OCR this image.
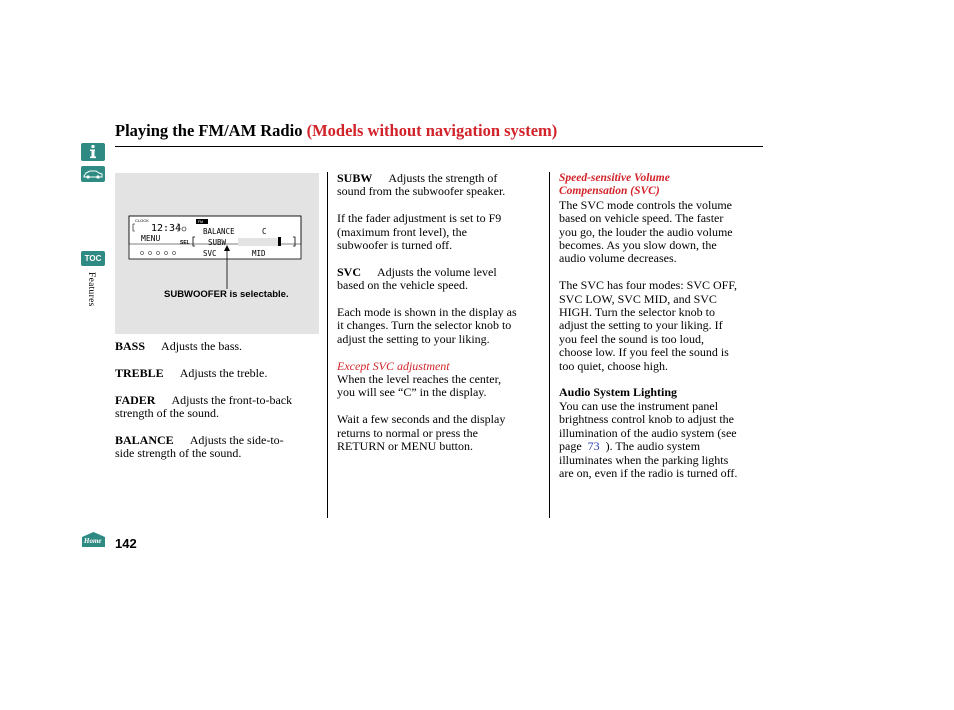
Playing the FM/AM Radio (Models without navigation system)
TOC
Features
Home
CLOCK
12:34
MENU
FM
SEL
BALANCE	C
SUBW
SVC	MID
SUBWOOFER is selectable.

BASS Adjusts the bass.

TREBLE Adjusts the treble.

FADER Adjusts the front-to-back

strength of the sound.

BALANCE Adjusts the side-to-

side strength of the sound.

SUBW Adjusts the strength of

sound from the subwoofer speaker.

If the fader adjustment is set to F9

(maximum front level), the

subwoofer is turned off.

SVC Adjusts the volume level

based on the vehicle speed.

Each mode is shown in the display as

it changes. Turn the selector knob to

adjust the setting to your liking.

Except SVC adjustment

When the level reaches the center,

you will see “C” in the display.

Wait a few seconds and the display

returns to normal or press the

RETURN or MENU button.

Speed-sensitive Volume

Compensation (SVC)

The SVC mode controls the volume

based on vehicle speed. The faster

you go, the louder the audio volume

becomes. As you slow down, the

audio volume decreases.

The SVC has four modes: SVC OFF,

SVC LOW, SVC MID, and SVC

HIGH. Turn the selector knob to

adjust the setting to your liking. If

you feel the sound is too loud,

choose low. If you feel the sound is

too quiet, choose high.

Audio System Lighting

You can use the instrument panel

brightness control knob to adjust the

illumination of the audio system (see

page 73 ). The audio system

illuminates when the parking lights

are on, even if the radio is turned off.

142
